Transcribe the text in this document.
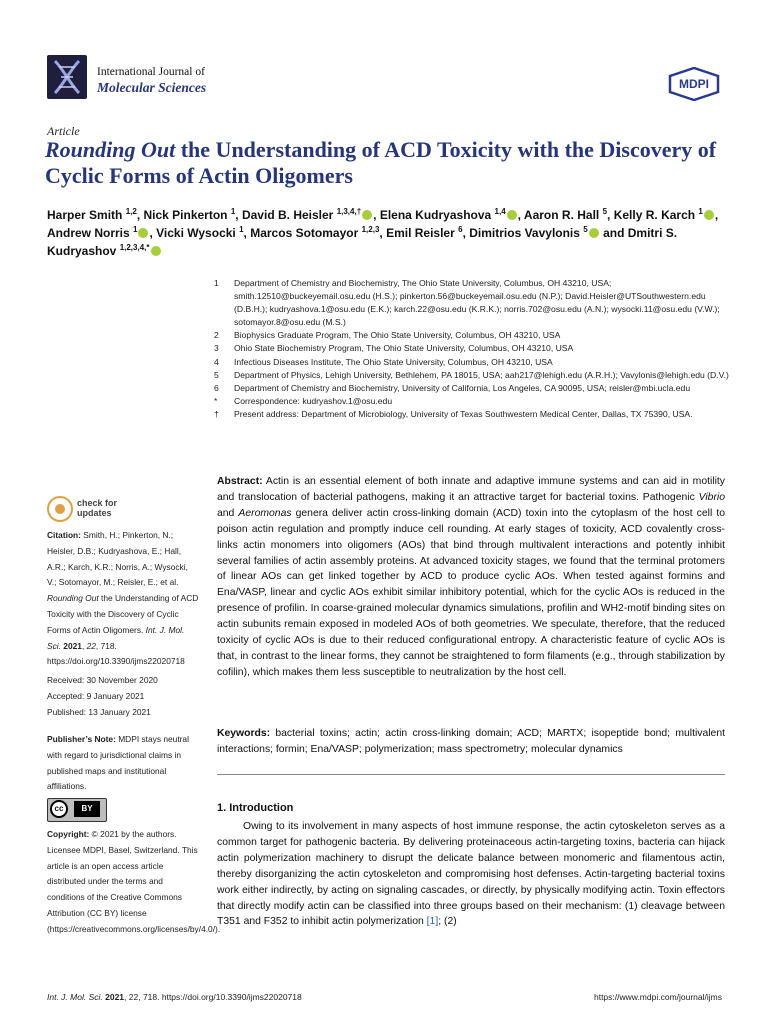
International Journal of
Molecular Sciences	MDPI
Article
Rounding Out the Understanding of ACD Toxicity with the Discovery of Cyclic Forms of Actin Oligomers
Harper Smith $^{1,2}$, Nick Pinkerton $^1$, David B. Heisler $^{1,3,4,\dagger}$ , Elena Kudryashova $^{1,4}$ , Aaron R. Hall $^5$, Kelly R. Karch $^1$ , Andrew Norris $^1$ , Vicki Wysocki $^1$, Marcos Sotomayor $^{1,2,3}$, Emil Reisler $^6$, Dimitrios Vavylonis $^5$ and Dmitri S. Kudryashov $^{1,2,3,4,*}$
1 Department of Chemistry and Biochemistry, The Ohio State University, Columbus, OH 43210, USA; smith.12510@buckeyemail.osu.edu (H.S.); pinkerton.56@buckeyemail.osu.edu (N.P.); David.Heisler@UTSouthwestern.edu (D.B.H.); kudryashova.1@osu.edu (E.K.); karch.22@osu.edu (K.R.K.); norris.702@osu.edu (A.N.); wysocki.11@osu.edu (V.W.); sotomayor.8@osu.edu (M.S.)
2 Biophysics Graduate Program, The Ohio State University, Columbus, OH 43210, USA
3 Ohio State Biochemistry Program, The Ohio State University, Columbus, OH 43210, USA
4 Infectious Diseases Institute, The Ohio State University, Columbus, OH 43210, USA
5 Department of Physics, Lehigh University, Bethlehem, PA 18015, USA; aah217@lehigh.edu (A.R.H.); Vavylonis@lehigh.edu (D.V.)
6 Department of Chemistry and Biochemistry, University of California, Los Angeles, CA 90095, USA; reisler@mbi.ucla.edu
* Correspondence: kudryashov.1@osu.edu
† Present address: Department of Microbiology, University of Texas Southwestern Medical Center, Dallas, TX 75390, USA.
check for
updates
Citation: Smith, H.; Pinkerton, N.; Heisler, D.B.; Kudryashova, E.; Hall, A.R.; Karch, K.R.; Norris, A.; Wysocki, V.; Sotomayor, M.; Reisler, E.; et al. Rounding Out the Understanding of ACD Toxicity with the Discovery of Cyclic Forms of Actin Oligomers. Int. J. Mol. Sci. 2021, 22, 718. https://doi.org/10.3390/ijms22020718
Received: 30 November 2020
Accepted: 9 January 2021
Published: 13 January 2021
Publisher’s Note: MDPI stays neutral with regard to jurisdictional claims in published maps and institutional affiliations.
cc	BY
Copyright: © 2021 by the authors. Licensee MDPI, Basel, Switzerland. This article is an open access article distributed under the terms and conditions of the Creative Commons Attribution (CC BY) license (https://creativecommons.org/licenses/by/4.0/).
Abstract: Actin is an essential element of both innate and adaptive immune systems and can aid in motility and translocation of bacterial pathogens, making it an attractive target for bacterial toxins. Pathogenic Vibrio and Aeromonas genera deliver actin cross-linking domain (ACD) toxin into the cytoplasm of the host cell to poison actin regulation and promptly induce cell rounding. At early stages of toxicity, ACD covalently cross-links actin monomers into oligomers (AOs) that bind through multivalent interactions and potently inhibit several families of actin assembly proteins. At advanced toxicity stages, we found that the terminal protomers of linear AOs can get linked together by ACD to produce cyclic AOs. When tested against formins and Ena/VASP, linear and cyclic AOs exhibit similar inhibitory potential, which for the cyclic AOs is reduced in the presence of profilin. In coarse-grained molecular dynamics simulations, profilin and WH2-motif binding sites on actin subunits remain exposed in modeled AOs of both geometries. We speculate, therefore, that the reduced toxicity of cyclic AOs is due to their reduced configurational entropy. A characteristic feature of cyclic AOs is that, in contrast to the linear forms, they cannot be straightened to form filaments (e.g., through stabilization by cofilin), which makes them less susceptible to neutralization by the host cell.
Keywords: bacterial toxins; actin; actin cross-linking domain; ACD; MARTX; isopeptide bond; multivalent interactions; formin; Ena/VASP; polymerization; mass spectrometry; molecular dynamics
1. Introduction
Owing to its involvement in many aspects of host immune response, the actin cytoskeleton serves as a common target for pathogenic bacteria. By delivering proteinaceous actin-targeting toxins, bacteria can hijack actin polymerization machinery to disrupt the delicate balance between monomeric and filamentous actin, thereby disorganizing the actin cytoskeleton and compromising host defenses. Actin-targeting bacterial toxins work either indirectly, by acting on signaling cascades, or directly, by physically modifying actin. Toxin effectors that directly modify actin can be classified into three groups based on their mechanism: (1) cleavage between T351 and F352 to inhibit actin polymerization [1]; (2)
Int. J. Mol. Sci. 2021, 22, 718. https://doi.org/10.3390/ijms22020718	https://www.mdpi.com/journal/ijms
